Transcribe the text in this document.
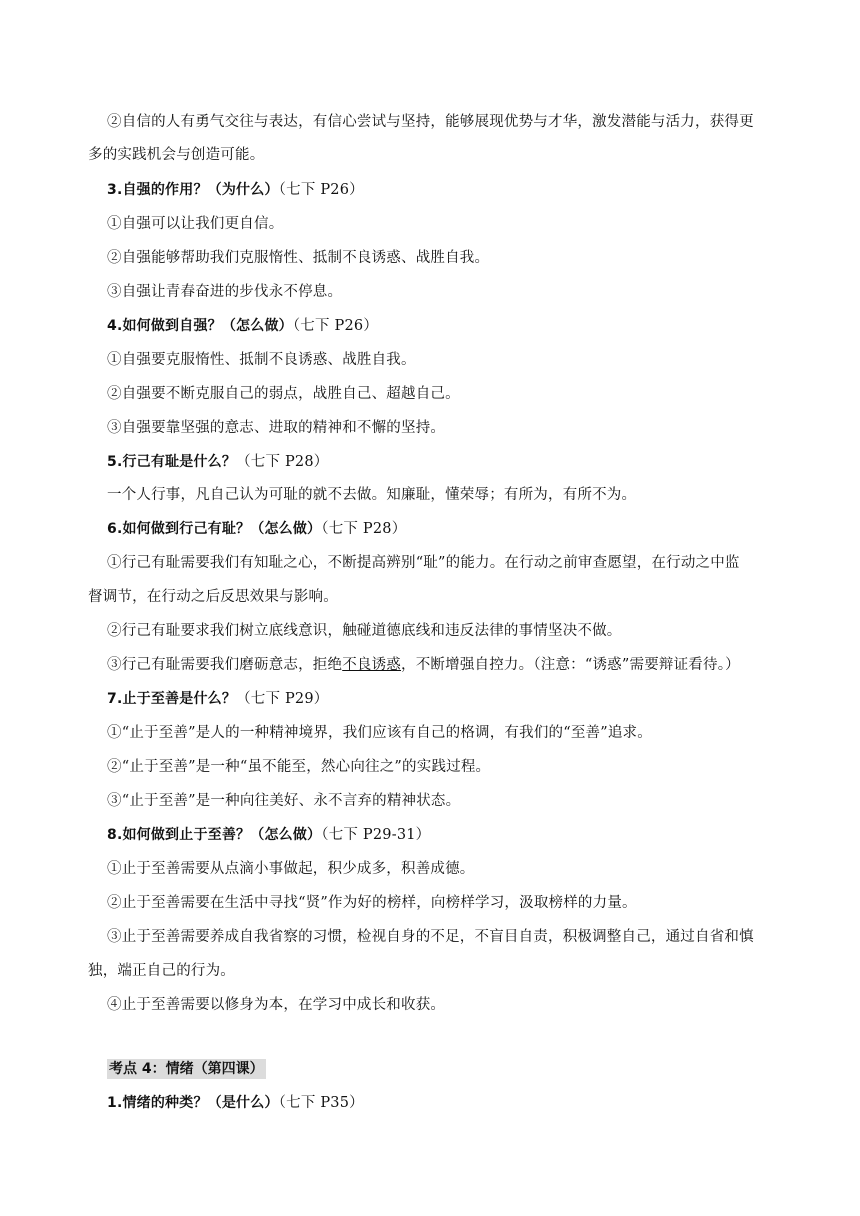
②自信的人有勇气交往与表达，有信心尝试与坚持，能够展现优势与才华，激发潜能与活力，获得更
多的实践机会与创造可能。
3.自强的作用？（为什么）（七下 P26）
①自强可以让我们更自信。
②自强能够帮助我们克服惰性、抵制不良诱惑、战胜自我。
③自强让青春奋进的步伐永不停息。
4.如何做到自强？（怎么做）（七下 P26）
①自强要克服惰性、抵制不良诱惑、战胜自我。
②自强要不断克服自己的弱点，战胜自己、超越自己。
③自强要靠坚强的意志、进取的精神和不懈的坚持。
5.行己有耻是什么？（七下 P28）
一个人行事，凡自己认为可耻的就不去做。知廉耻，懂荣辱；有所为，有所不为。
6.如何做到行己有耻？（怎么做）（七下 P28）
①行己有耻需要我们有知耻之心，不断提高辨别“耻”的能力。在行动之前审查愿望，在行动之中监
督调节，在行动之后反思效果与影响。
②行己有耻要求我们树立底线意识，触碰道德底线和违反法律的事情坚决不做。
③行己有耻需要我们磨砺意志，拒绝不良诱惑，不断增强自控力。（注意：“诱惑”需要辩证看待。）
7.止于至善是什么？（七下 P29）
①“止于至善”是人的一种精神境界，我们应该有自己的格调，有我们的“至善”追求。
②“止于至善”是一种“虽不能至，然心向往之”的实践过程。
③“止于至善”是一种向往美好、永不言弃的精神状态。
8.如何做到止于至善？（怎么做）（七下 P29-31）
①止于至善需要从点滴小事做起，积少成多，积善成德。
②止于至善需要在生活中寻找“贤”作为好的榜样，向榜样学习，汲取榜样的力量。
③止于至善需要养成自我省察的习惯，检视自身的不足，不盲目自责，积极调整自己，通过自省和慎
独，端正自己的行为。
④止于至善需要以修身为本，在学习中成长和收获。
考点 4：情绪（第四课）
1.情绪的种类？（是什么）（七下 P35）
